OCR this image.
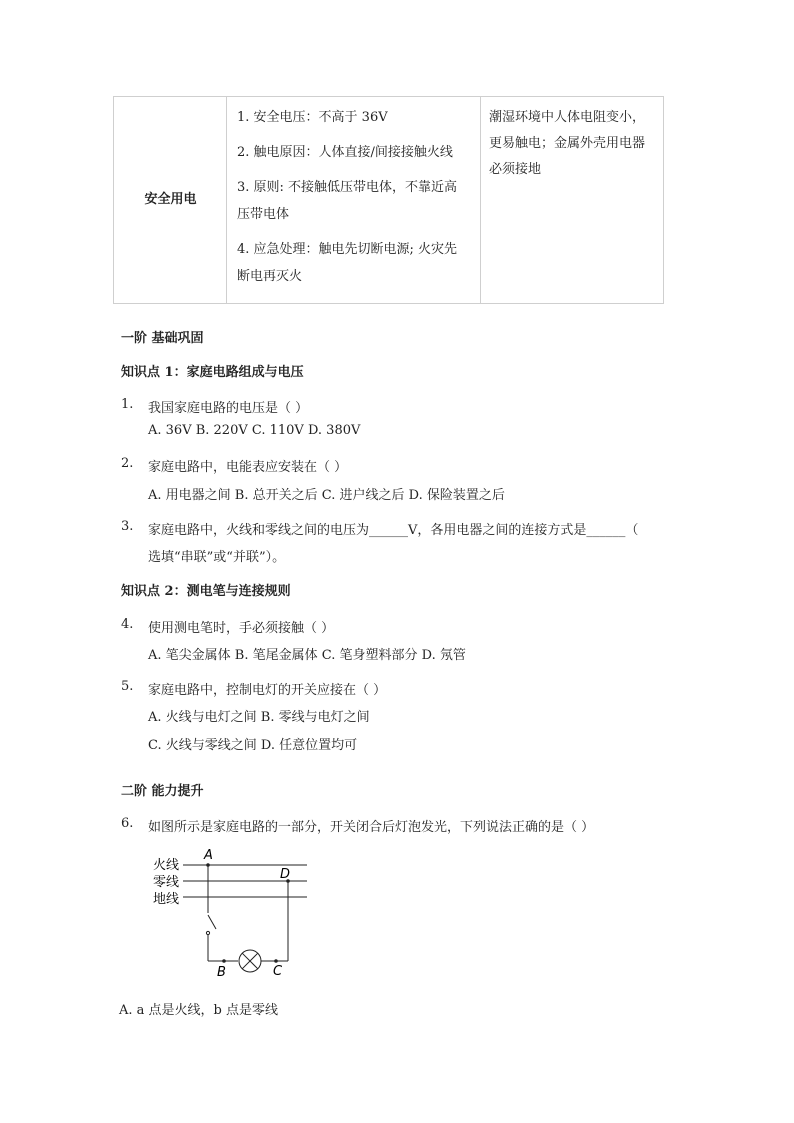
安全用电
1. 安全电压：不高于 36V
2. 触电原因：人体直接/间接接触火线
3. 原则: 不接触低压带电体，不靠近高
压带电体
4. 应急处理：触电先切断电源; 火灾先
断电再灭火
潮湿环境中人体电阻变小，
更易触电；金属外壳用电器
必须接地
一阶 基础巩固
知识点 1：家庭电路组成与电压
1. 我国家庭电路的电压是（ ）
A. 36V B. 220V C. 110V D. 380V
2. 家庭电路中，电能表应安装在（ ）
A. 用电器之间 B. 总开关之后 C. 进户线之后 D. 保险装置之后
3. 家庭电路中，火线和零线之间的电压为______V，各用电器之间的连接方式是______（
选填“串联”或“并联”）。
知识点 2：测电笔与连接规则
4. 使用测电笔时，手必须接触（ ）
A. 笔尖金属体 B. 笔尾金属体 C. 笔身塑料部分 D. 氖管
5. 家庭电路中，控制电灯的开关应接在（ ）
A. 火线与电灯之间 B. 零线与电灯之间
C. 火线与零线之间 D. 任意位置均可
二阶 能力提升
6. 如图所示是家庭电路的一部分，开关闭合后灯泡发光，下列说法正确的是（ ）
火线
零线
地线
A
B	C
D
A. a 点是火线，b 点是零线
